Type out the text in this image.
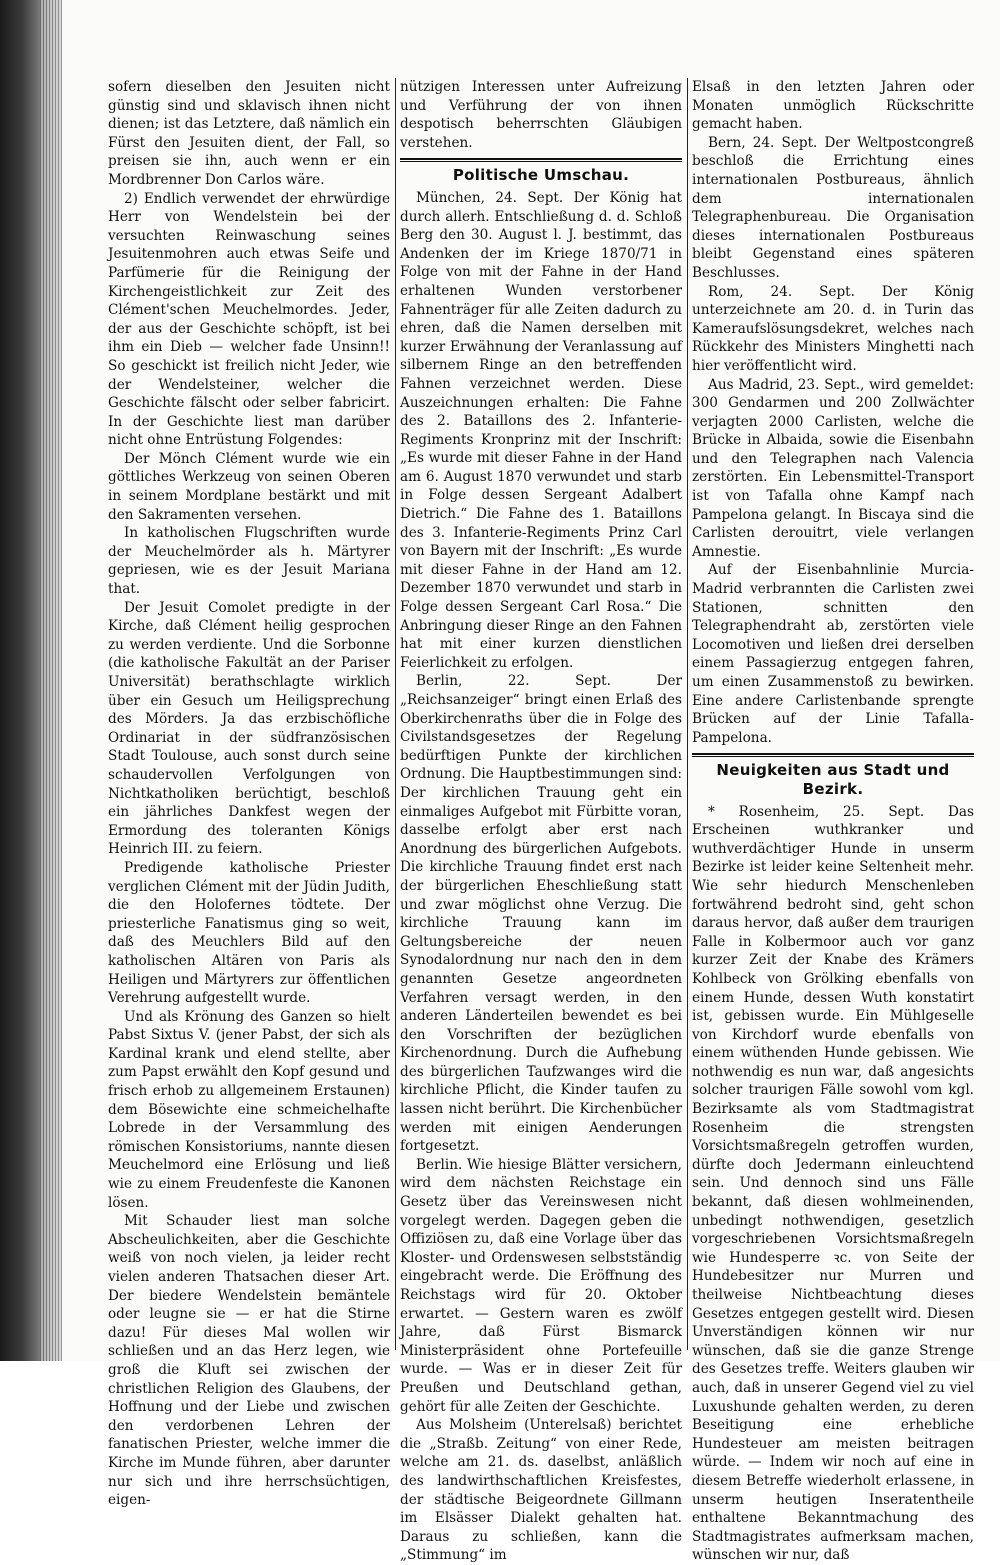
sofern dieselben den Jesuiten nicht günstig sind und sklavisch ihnen nicht dienen; ist das Letztere, daß nämlich ein Fürst den Jesuiten dient, der Fall, so preisen sie ihn, auch wenn er ein Mordbrenner Don Carlos wäre.

2) Endlich verwendet der ehrwürdige Herr von Wendelstein bei der versuchten Reinwaschung seines Jesuitenmohren auch etwas Seife und Parfümerie für die Reinigung der Kirchengeistlichkeit zur Zeit des Clément'schen Meuchelmordes. Jeder, der aus der Geschichte schöpft, ist bei ihm ein Dieb — welcher fade Unsinn!! So geschickt ist freilich nicht Jeder, wie der Wendelsteiner, welcher die Geschichte fälscht oder selber fabricirt. In der Geschichte liest man darüber nicht ohne Entrüstung Folgendes:

Der Mönch Clément wurde wie ein göttliches Werkzeug von seinen Oberen in seinem Mordplane bestärkt und mit den Sakramenten versehen.

In katholischen Flugschriften wurde der Meuchelmörder als h. Märtyrer gepriesen, wie es der Jesuit Mariana that.

Der Jesuit Comolet predigte in der Kirche, daß Clément heilig gesprochen zu werden verdiente. Und die Sorbonne (die katholische Fakultät an der Pariser Universität) berathschlagte wirklich über ein Gesuch um Heiligsprechung des Mörders. Ja das erzbischöfliche Ordinariat in der südfranzösischen Stadt Toulouse, auch sonst durch seine schaudervollen Verfolgungen von Nichtkatholiken berüchtigt, beschloß ein jährliches Dankfest wegen der Ermordung des toleranten Königs Heinrich III. zu feiern.

Predigende katholische Priester verglichen Clément mit der Jüdin Judith, die den Holofernes tödtete. Der priesterliche Fanatismus ging so weit, daß des Meuchlers Bild auf den katholischen Altären von Paris als Heiligen und Märtyrers zur öffentlichen Verehrung aufgestellt wurde.

Und als Krönung des Ganzen so hielt Pabst Sixtus V. (jener Pabst, der sich als Kardinal krank und elend stellte, aber zum Papst erwählt den Kopf gesund und frisch erhob zu allgemeinem Erstaunen) dem Bösewichte eine schmeichelhafte Lobrede in der Versammlung des römischen Konsistoriums, nannte diesen Meuchelmord eine Erlösung und ließ wie zu einem Freudenfeste die Kanonen lösen.

Mit Schauder liest man solche Abscheulichkeiten, aber die Geschichte weiß von noch vielen, ja leider recht vielen anderen Thatsachen dieser Art. Der biedere Wendelstein bemäntele oder leugne sie — er hat die Stirne dazu! Für dieses Mal wollen wir schließen und an das Herz legen, wie groß die Kluft sei zwischen der christlichen Religion des Glaubens, der Hoffnung und der Liebe und zwischen den verdorbenen Lehren der fanatischen Priester, welche immer die Kirche im Munde führen, aber darunter nur sich und ihre herrschsüchtigen, eigen-

nützigen Interessen unter Aufreizung und Verführung der von ihnen despotisch beherrschten Gläubigen verstehen.

Politische Umschau.

München, 24. Sept. Der König hat durch allerh. Entschließung d. d. Schloß Berg den 30. August l. J. bestimmt, das Andenken der im Kriege 1870/71 in Folge von mit der Fahne in der Hand erhaltenen Wunden verstorbener Fahnenträger für alle Zeiten dadurch zu ehren, daß die Namen derselben mit kurzer Erwähnung der Veranlassung auf silbernem Ringe an den betreffenden Fahnen verzeichnet werden. Diese Auszeichnungen erhalten: Die Fahne des 2. Bataillons des 2. Infanterie-Regiments Kronprinz mit der Inschrift: „Es wurde mit dieser Fahne in der Hand am 6. August 1870 verwundet und starb in Folge dessen Sergeant Adalbert Dietrich.“ Die Fahne des 1. Bataillons des 3. Infanterie-Regiments Prinz Carl von Bayern mit der Inschrift: „Es wurde mit dieser Fahne in der Hand am 12. Dezember 1870 verwundet und starb in Folge dessen Sergeant Carl Rosa.“ Die Anbringung dieser Ringe an den Fahnen hat mit einer kurzen dienstlichen Feierlichkeit zu erfolgen.

Berlin, 22. Sept. Der „Reichsanzeiger“ bringt einen Erlaß des Oberkirchenraths über die in Folge des Civilstandsgesetzes der Regelung bedürftigen Punkte der kirchlichen Ordnung. Die Hauptbestimmungen sind: Der kirchlichen Trauung geht ein einmaliges Aufgebot mit Fürbitte voran, dasselbe erfolgt aber erst nach Anordnung des bürgerlichen Aufgebots. Die kirchliche Trauung findet erst nach der bürgerlichen Eheschließung statt und zwar möglichst ohne Verzug. Die kirchliche Trauung kann im Geltungsbereiche der neuen Synodalordnung nur nach den in dem genannten Gesetze angeordneten Verfahren versagt werden, in den anderen Länderteilen bewendet es bei den Vorschriften der bezüglichen Kirchenordnung. Durch die Aufhebung des bürgerlichen Taufzwanges wird die kirchliche Pflicht, die Kinder taufen zu lassen nicht berührt. Die Kirchenbücher werden mit einigen Aenderungen fortgesetzt.

Berlin. Wie hiesige Blätter versichern, wird dem nächsten Reichstage ein Gesetz über das Vereinswesen nicht vorgelegt werden. Dagegen geben die Offiziösen zu, daß eine Vorlage über das Kloster- und Ordenswesen selbstständig eingebracht werde. Die Eröffnung des Reichstags wird für 20. Oktober erwartet. — Gestern waren es zwölf Jahre, daß Fürst Bismarck Ministerpräsident ohne Portefeuille wurde. — Was er in dieser Zeit für Preußen und Deutschland gethan, gehört für alle Zeiten der Geschichte.

Aus Molsheim (Unterelsaß) berichtet die „Straßb. Zeitung“ von einer Rede, welche am 21. ds. daselbst, anläßlich des landwirthschaftlichen Kreisfestes, der städtische Beigeordnete Gillmann im Elsässer Dialekt gehalten hat. Daraus zu schließen, kann die „Stimmung“ im

Elsaß in den letzten Jahren oder Monaten unmöglich Rückschritte gemacht haben.

Bern, 24. Sept. Der Weltpostcongreß beschloß die Errichtung eines internationalen Postbureaus, ähnlich dem internationalen Telegraphenbureau. Die Organisation dieses internationalen Postbureaus bleibt Gegenstand eines späteren Beschlusses.

Rom, 24. Sept. Der König unterzeichnete am 20. d. in Turin das Kameraufslösungsdekret, welches nach Rückkehr des Ministers Minghetti nach hier veröffentlicht wird.

Aus Madrid, 23. Sept., wird gemeldet: 300 Gendarmen und 200 Zollwächter verjagten 2000 Carlisten, welche die Brücke in Albaida, sowie die Eisenbahn und den Telegraphen nach Valencia zerstörten. Ein Lebensmittel-Transport ist von Tafalla ohne Kampf nach Pampelona gelangt. In Biscaya sind die Carlisten derouitrt, viele verlangen Amnestie.

Auf der Eisenbahnlinie Murcia-Madrid verbrannten die Carlisten zwei Stationen, schnitten den Telegraphendraht ab, zerstörten viele Locomotiven und ließen drei derselben einem Passagierzug entgegen fahren, um einen Zusammenstoß zu bewirken. Eine andere Carlistenbande sprengte Brücken auf der Linie Tafalla-Pampelona.

Neuigkeiten aus Stadt und Bezirk.

* Rosenheim, 25. Sept. Das Erscheinen wuthkranker und wuthverdächtiger Hunde in unserm Bezirke ist leider keine Seltenheit mehr. Wie sehr hiedurch Menschenleben fortwährend bedroht sind, geht schon daraus hervor, daß außer dem traurigen Falle in Kolbermoor auch vor ganz kurzer Zeit der Knabe des Krämers Kohlbeck von Grölking ebenfalls von einem Hunde, dessen Wuth konstatirt ist, gebissen wurde. Ein Mühlgeselle von Kirchdorf wurde ebenfalls von einem wüthenden Hunde gebissen. Wie nothwendig es nun war, daß angesichts solcher traurigen Fälle sowohl vom kgl. Bezirksamte als vom Stadtmagistrat Rosenheim die strengsten Vorsichtsmaßregeln getroffen wurden, dürfte doch Jedermann einleuchtend sein. Und dennoch sind uns Fälle bekannt, daß diesen wohlmeinenden, unbedingt nothwendigen, gesetzlich vorgeschriebenen Vorsichtsmaßregeln wie Hundesperre ꝛc. von Seite der Hundebesitzer nur Murren und theilweise Nichtbeachtung dieses Gesetzes entgegen gestellt wird. Diesen Unverständigen können wir nur wünschen, daß sie die ganze Strenge des Gesetzes treffe. Weiters glauben wir auch, daß in unserer Gegend viel zu viel Luxushunde gehalten werden, zu deren Beseitigung eine erhebliche Hundesteuer am meisten beitragen würde. — Indem wir noch auf eine in diesem Betreffe wiederholt erlassene, in unserm heutigen Inseratentheile enthaltene Bekanntmachung des Stadtmagistrates aufmerksam machen, wünschen wir nur, daß
